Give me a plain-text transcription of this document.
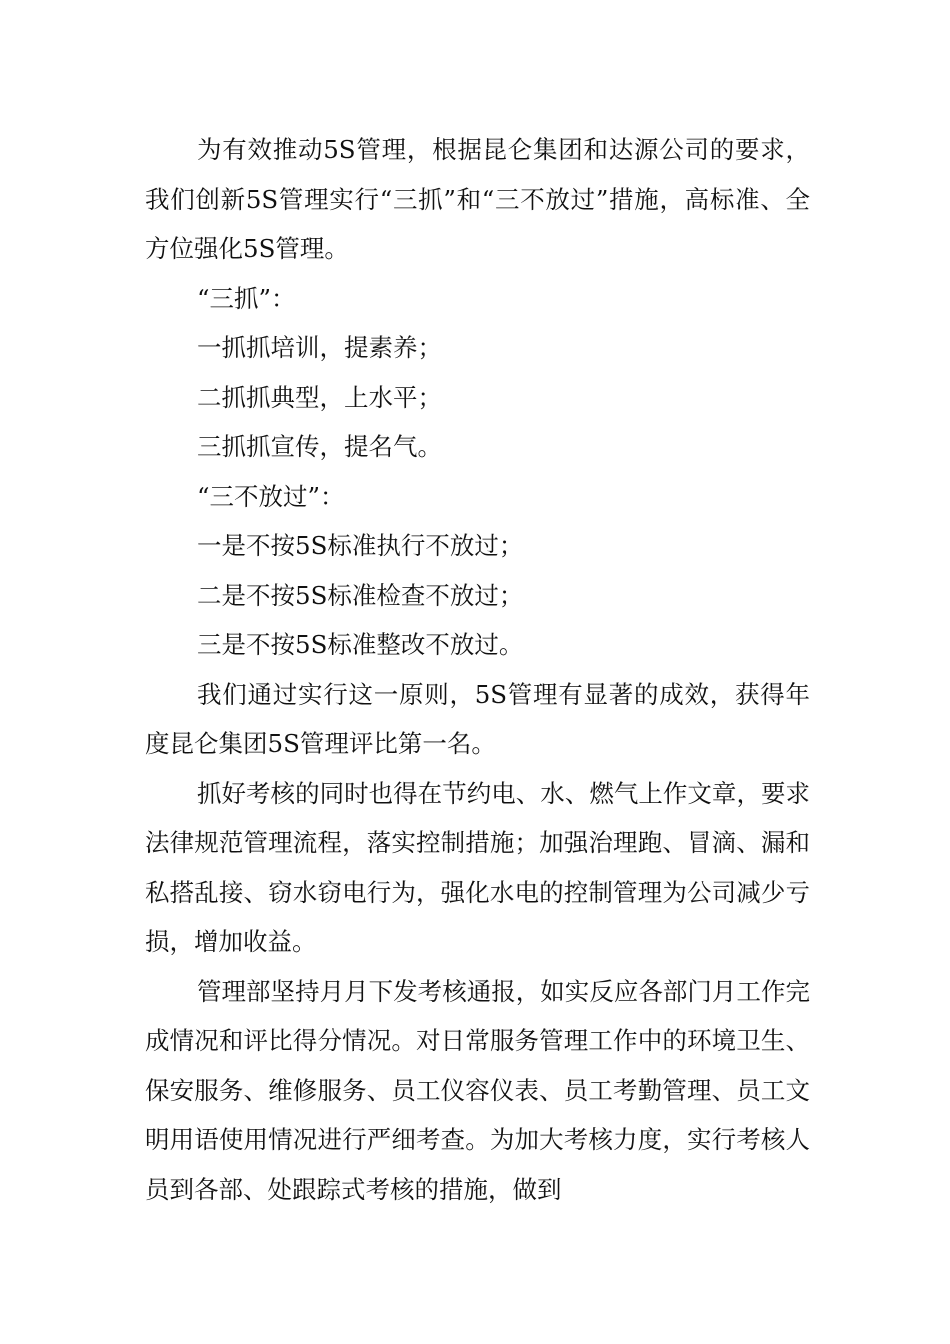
为有效推动5S管理，根据昆仑集团和达源公司的要求，我们创新5S管理实行“三抓”和“三不放过”措施，高标准、全方位强化5S管理。

“三抓”：

一抓抓培训，提素养；

二抓抓典型，上水平；

三抓抓宣传，提名气。

“三不放过”：

一是不按5S标准执行不放过；

二是不按5S标准检查不放过；

三是不按5S标准整改不放过。

我们通过实行这一原则，5S管理有显著的成效，获得年度昆仑集团5S管理评比第一名。

抓好考核的同时也得在节约电、水、燃气上作文章，要求法律规范管理流程，落实控制措施；加强治理跑、冒滴、漏和私搭乱接、窃水窃电行为，强化水电的控制管理为公司减少亏损，增加收益。

管理部坚持月月下发考核通报，如实反应各部门月工作完成情况和评比得分情况。对日常服务管理工作中的环境卫生、保安服务、维修服务、员工仪容仪表、员工考勤管理、员工文明用语使用情况进行严细考查。为加大考核力度，实行考核人员到各部、处跟踪式考核的措施，做到
